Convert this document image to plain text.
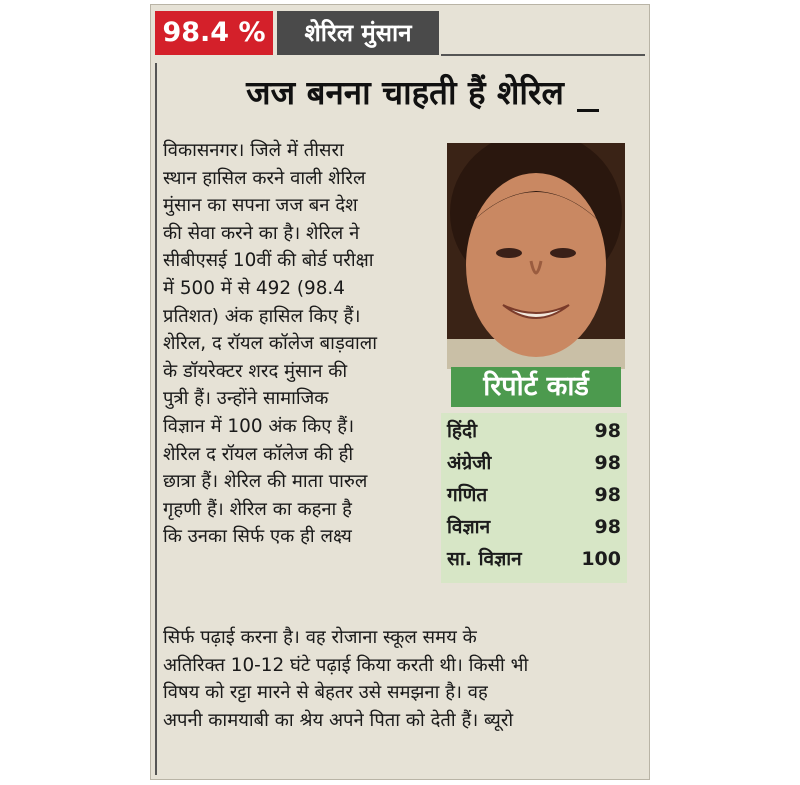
98.4 %	शेरिल मुंसान
जज बनना चाहती हैं शेरिल
विकासनगर। जिले में तीसरा
स्थान हासिल करने वाली शेरिल
मुंसान का सपना जज बन देश
की सेवा करने का है। शेरिल ने
सीबीएसई 10वीं की बोर्ड परीक्षा
में 500 में से 492 (98.4
प्रतिशत) अंक हासिल किए हैं।
शेरिल, द रॉयल कॉलेज बाड़वाला
के डॉयरेक्टर शरद मुंसान की
पुत्री हैं। उन्होंने सामाजिक
विज्ञान में 100 अंक किए हैं।
शेरिल द रॉयल कॉलेज की ही
छात्रा हैं। शेरिल की माता पारुल
गृहणी हैं। शेरिल का कहना है
कि उनका सिर्फ एक ही लक्ष्य
सिर्फ पढ़ाई करना है। वह रोजाना स्कूल समय के
अतिरिक्त 10-12 घंटे पढ़ाई किया करती थी। किसी भी
विषय को रट्टा मारने से बेहतर उसे समझना है। वह
अपनी कामयाबी का श्रेय अपने पिता को देती हैं। ब्यूरो
रिपोर्ट कार्ड
हिंदी	98
अंग्रेजी	98
गणित	98
विज्ञान	98
सा. विज्ञान	100
